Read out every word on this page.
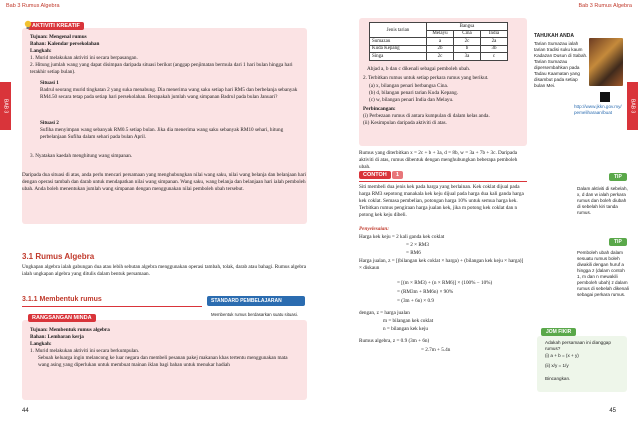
Bab 3 Rumus Algebra
BAB 3
AKTIVITI KREATIF
Tujuan: Mengenal rumus
Bahan: Kalendar persekolahan
Langkah:
1. Murid melakukan aktiviti ini secara berpasangan.
2. Hitung jumlah wang yang dapat disimpan daripada situasi berikut (anggap penjimatan bermula dari 1 hari bulan hingga hari terakhir setiap bulan).
Situasi 1
Badrul seorang murid tingkatan 2 yang suka menabung. Dia menerima wang saku setiap hari RM5 dan berbelanja sebanyak RM4.50 secara tetap pada setiap hari persekolahan. Berapakah jumlah wang simpanan Badrul pada bulan Januari?
Situasi 2
Sufiha menyimpan wang sebanyak RM0.5 setiap bulan. Jika dia menerima wang saku sebanyak RM10 sehari, hitung perbelanjaan Sufiha dalam sehari pada bulan April.
3. Nyatakan kaedah menghitung wang simpanan.
Daripada dua situasi di atas, anda perlu mencari persamaan yang menghubungkan nilai wang saku, nilai wang belanja dan belanjaan hari dengan operasi tambah dan darab untuk mendapatkan nilai wang simpanan. Wang saku, wang belanja dan belanjaan hari ialah pemboleh ubah. Anda boleh menentukan jumlah wang simpanan dengan menggunakan nilai pemboleh ubah tersebut.
3.1 Rumus Algebra
Ungkapan algebra ialah gabungan dua atau lebih sebutan algebra menggunakan operasi tambah, tolak, darab atau bahagi. Rumus algebra ialah ungkapan algebra yang ditulis dalam bentuk persamaan.
3.1.1 Membentuk rumus	STANDARD PEMBELAJARAN
Membentuk rumus berdasarkan suatu situasi.
RANGSANGAN MINDA
Tujuan: Membentuk rumus algebra
Bahan: Lembaran kerja
Langkah:
1. Murid melakukan aktiviti ini secara berkumpulan.
Sebuah keluarga ingin melancong ke luar negara dan membeli pesanan pakej makanan khas tertentu menggunakan mata wang asing yang diperlukan untuk membuat mainan iklan bagi bahan untuk menukar hadiah
44
Bab 3 Rumus Algebra
BAB 3
Jenis tarian	Bangsa		
	Melayu	Cina	India
Sumazau	a	2c	2a
Kuda Kepang	2b	b	3b
Singa	2c	3a	c
Abjad a, b dan c dikenali sebagai pemboleh ubah.
2. Terbitkan rumus untuk setiap perkara rumus yang berikut.
(a) x, bilangan penari berbangsa Cina.
(b) d, bilangan penari tarian Kuda Kepang.
(c) w, bilangan penari India dan Melayu.
Perbincangan:
(i) Perbezaan rumus di antara kumpulan di dalam kelas anda.
(ii) Kesimpulan daripada aktiviti di atas.
Rumus yang diterbitkan x = 2c + b + 3a, d = 8b, w = 3a + 7b + 3c. Daripada aktiviti di atas, rumus dibentuk dengan menghubungkan beberapa pemboleh ubah.
CONTOH	1
Siti membeli dua jenis kek pada harga yang berlainan. Kek coklat dijual pada harga RM3 sepotong manakala kek keju dijual pada harga dua kali ganda harga kek coklat. Semasa pembelian, potongan harga 10% untuk semua harga kek. Terbitkan rumus pengiraan harga jualan kek, jika m potong kek coklat dan n potong kek keju dibeli.
Penyelesaian:
Harga kek keju = 2 kali ganda kek coklat
= 2 × RM3
= RM6
Harga jualan, z = [(bilangan kek coklat × harga) + (bilangan kek keju × harga)] × diskaun
= [(m × RM3) + (n × RM6)] × (100% − 10%)
= (RM3m + RM6n) × 90%
= (3m + 6n) × 0.9
dengan, z = harga jualan
m = bilangan kek coklat
n = bilangan kek keju
Rumus algebra, z = 0.9 (3m + 6n)
= 2.7m + 5.4n
TAHUKAH ANDA
Tarian Sumazau ialah tarian tradisi suku kaum Kadazan Dusun di Sabah. Tarian Sumazau dipersembahkan pada Tadau Kaamatan yang disambut pada setiap bulan Mei.
http://www.jkkn.gov.my/ pemeliharaan/buat
TIP
Dalam aktiviti di sebelah, x, d dan w ialah perkara rumus dan boleh diubah di sebelah kiri tanda rumus.
TIP
Pemboleh ubah dalam sesuatu rumus boleh diwakili dengan huruf a hingga z (dalam contoh 1, m dan n mewakili pemboleh ubah) z dalam rumus di sebelah dikenali sebagai perkara rumus.
JOM FIKIR
Adakah persamaan ini dianggap rumus?
(i) a + b = (x + y)
(ii) x/y = 1/y
Bincangkan.
45
